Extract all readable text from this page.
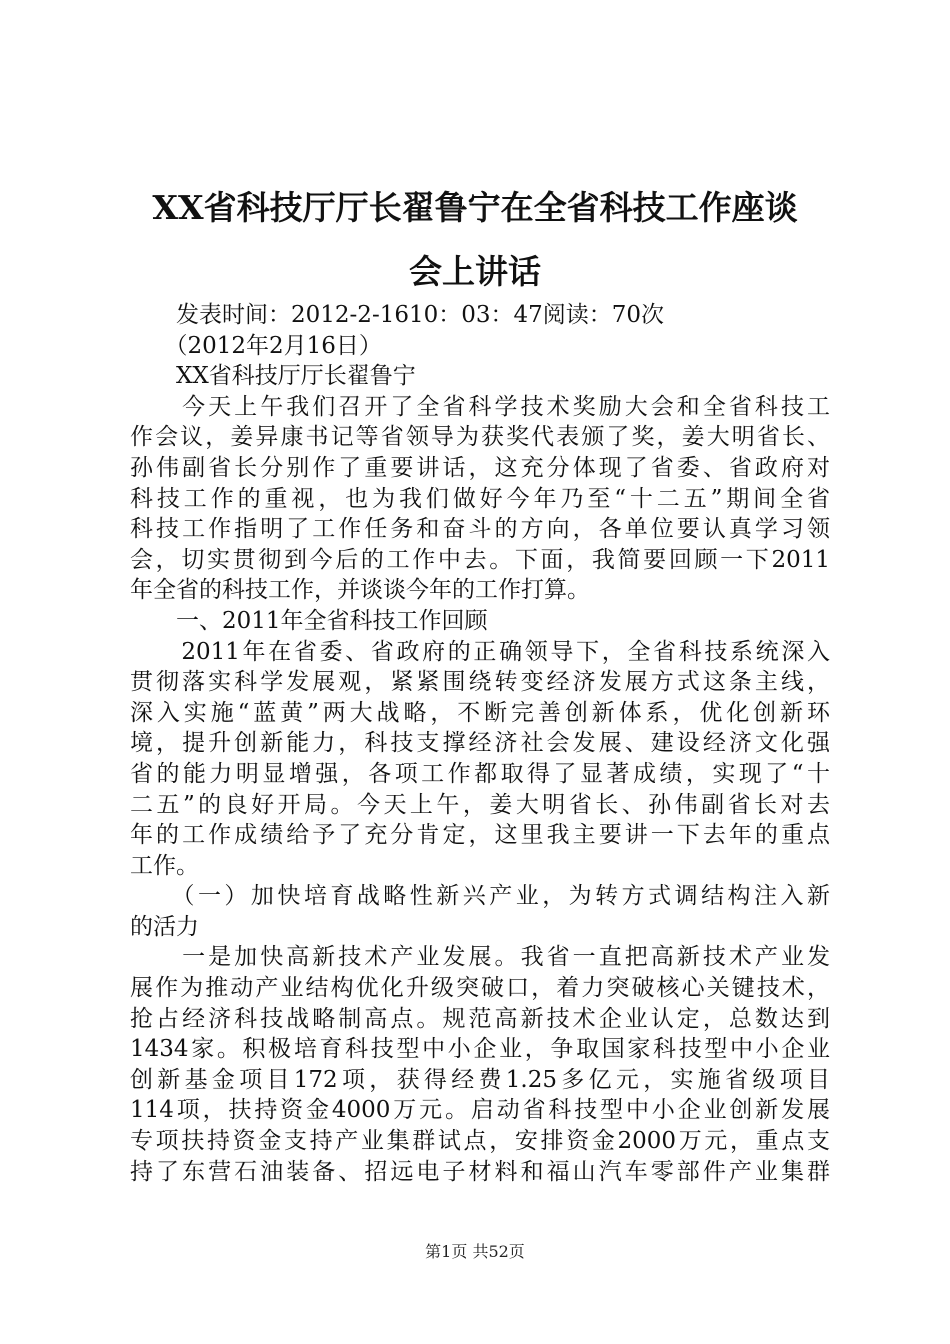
XX省科技厅厅长翟鲁宁在全省科技工作座谈
会上讲话
　　发表时间：2012-2-1610：03：47阅读：70次
　　（2012年2月16日）
　　XX省科技厅厅长翟鲁宁
　　今天上午我们召开了全省科学技术奖励大会和全省科技工
作会议，姜异康书记等省领导为获奖代表颁了奖，姜大明省长、
孙伟副省长分别作了重要讲话，这充分体现了省委、省政府对
科技工作的重视，也为我们做好今年乃至“十二五”期间全省
科技工作指明了工作任务和奋斗的方向，各单位要认真学习领
会，切实贯彻到今后的工作中去。下面，我简要回顾一下2011
年全省的科技工作，并谈谈今年的工作打算。
　　一、2011年全省科技工作回顾
　　2011年在省委、省政府的正确领导下，全省科技系统深入
贯彻落实科学发展观，紧紧围绕转变经济发展方式这条主线，
深入实施“蓝黄”两大战略，不断完善创新体系，优化创新环
境，提升创新能力，科技支撑经济社会发展、建设经济文化强
省的能力明显增强，各项工作都取得了显著成绩，实现了“十
二五”的良好开局。今天上午，姜大明省长、孙伟副省长对去
年的工作成绩给予了充分肯定，这里我主要讲一下去年的重点
工作。
　　（一）加快培育战略性新兴产业，为转方式调结构注入新
的活力
　　一是加快高新技术产业发展。我省一直把高新技术产业发
展作为推动产业结构优化升级突破口，着力突破核心关键技术，
抢占经济科技战略制高点。规范高新技术企业认定，总数达到
1434家。积极培育科技型中小企业，争取国家科技型中小企业
创新基金项目172项，获得经费1.25多亿元，实施省级项目
114项，扶持资金4000万元。启动省科技型中小企业创新发展
专项扶持资金支持产业集群试点，安排资金2000万元，重点支
持了东营石油装备、招远电子材料和福山汽车零部件产业集群
第1页 共52页
